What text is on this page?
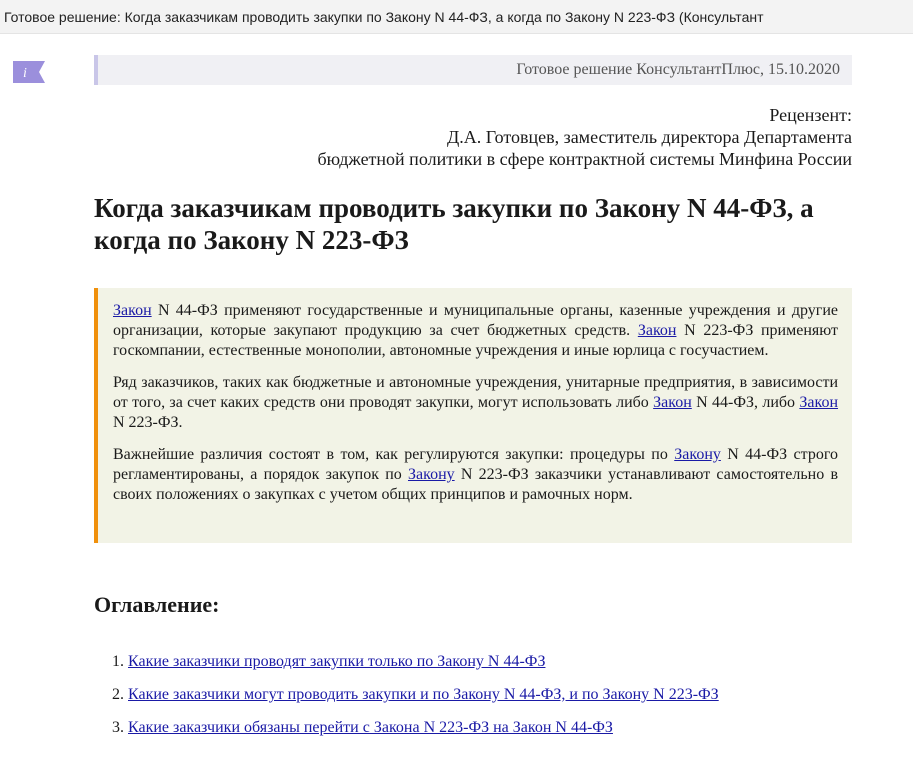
Готовое решение: Когда заказчикам проводить закупки по Закону N 44-ФЗ, а когда по Закону N 223-ФЗ (Консультант
i	Готовое решение КонсультантПлюс, 15.10.2020
Рецензент:
Д.А. Готовцев, заместитель директора Департамента
бюджетной политики в сфере контрактной системы Минфина России
Когда заказчикам проводить закупки по Закону N 44-ФЗ, а когда по Закону N 223-ФЗ

Закон N 44-ФЗ применяют государственные и муниципальные органы, казенные учреждения и другие организации, которые закупают продукцию за счет бюджетных средств. Закон N 223-ФЗ применяют госкомпании, естественные монополии, автономные учреждения и иные юрлица с госучастием.

Ряд заказчиков, таких как бюджетные и автономные учреждения, унитарные предприятия, в зависимости от того, за счет каких средств они проводят закупки, могут использовать либо Закон N 44-ФЗ, либо Закон N 223-ФЗ.

Важнейшие различия состоят в том, как регулируются закупки: процедуры по Закону N 44-ФЗ строго регламентированы, а порядок закупок по Закону N 223-ФЗ заказчики устанавливают самостоятельно в своих положениях о закупках с учетом общих принципов и рамочных норм.

Оглавление:
1. Какие заказчики проводят закупки только по Закону N 44-ФЗ
2. Какие заказчики могут проводить закупки и по Закону N 44-ФЗ, и по Закону N 223-ФЗ
3. Какие заказчики обязаны перейти с Закона N 223-ФЗ на Закон N 44-ФЗ
